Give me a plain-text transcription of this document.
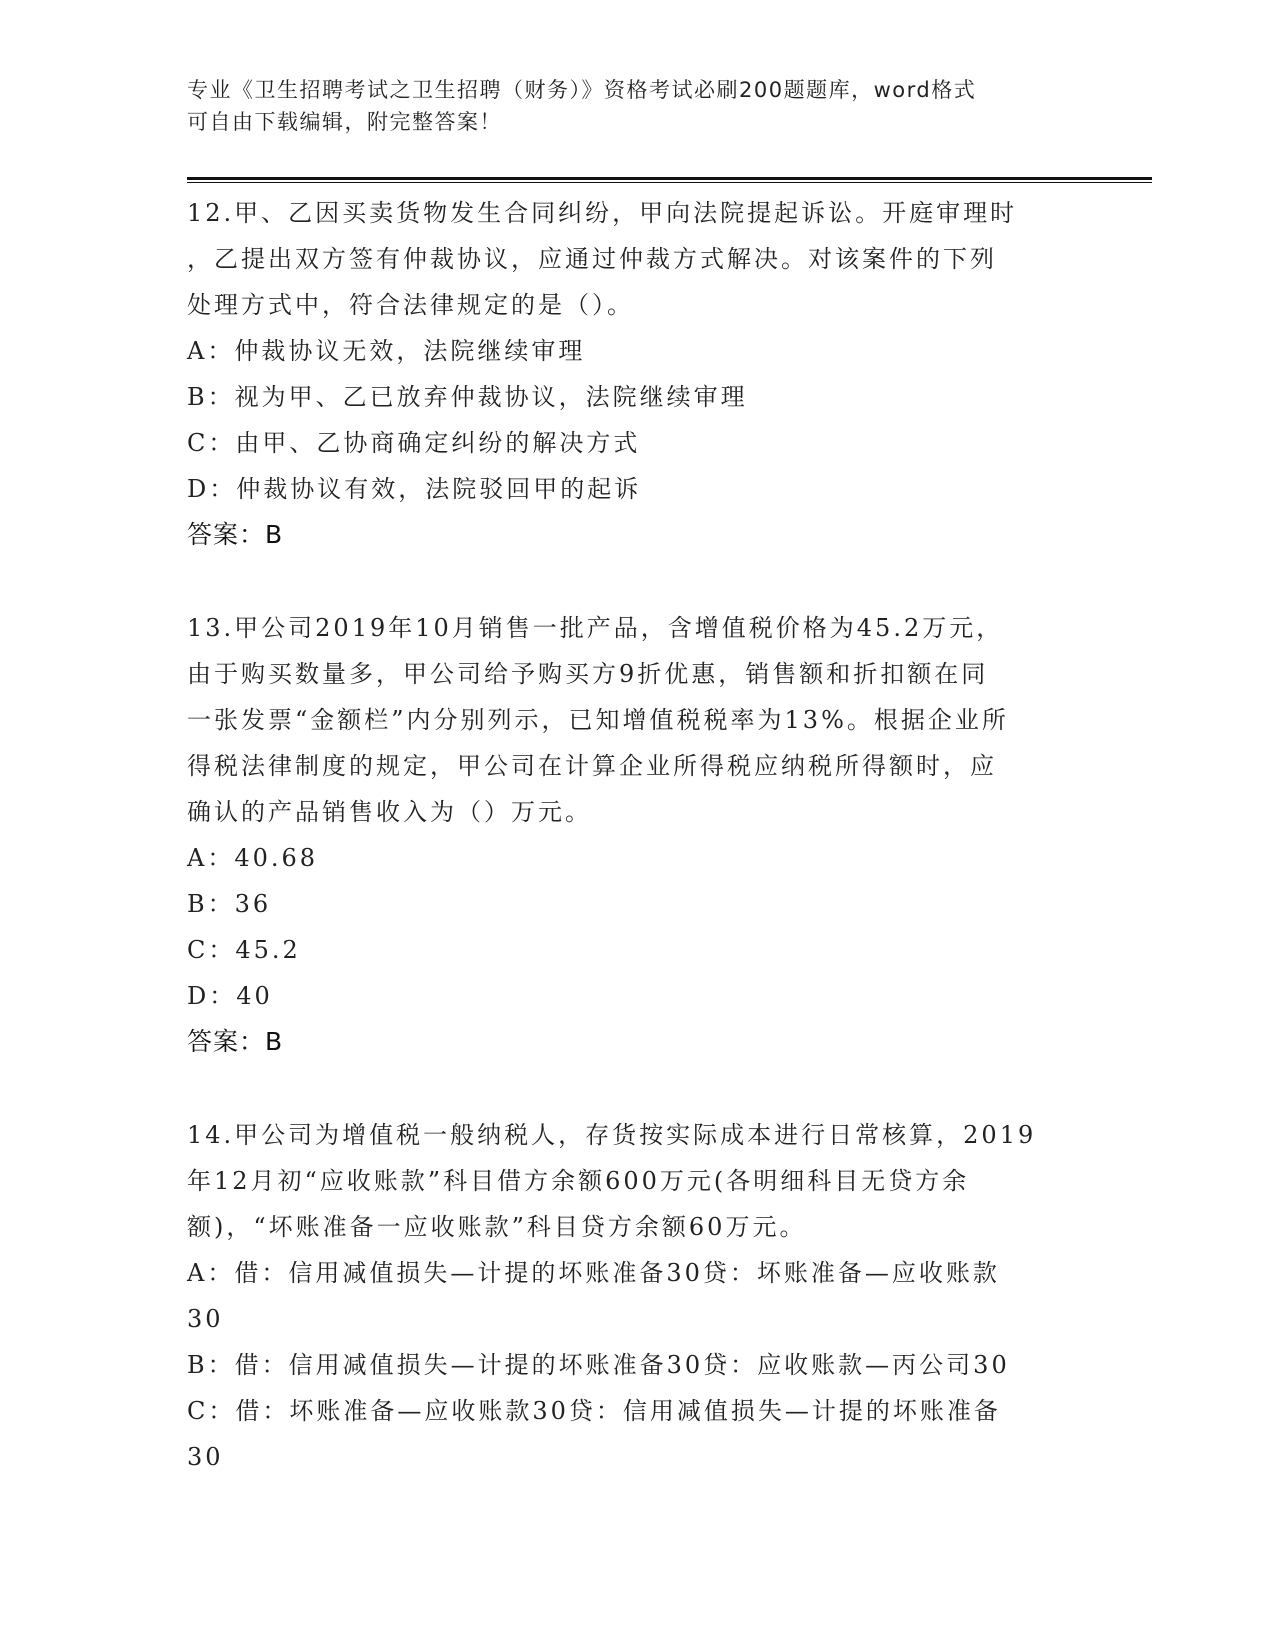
专业《卫生招聘考试之卫生招聘（财务）》资格考试必刷200题题库，word格式
可自由下载编辑，附完整答案！

12.甲、乙因买卖货物发生合同纠纷，甲向法院提起诉讼。开庭审理时

，乙提出双方签有仲裁协议，应通过仲裁方式解决。对该案件的下列

处理方式中，符合法律规定的是（）。

A：仲裁协议无效，法院继续审理

B：视为甲、乙已放弃仲裁协议，法院继续审理

C：由甲、乙协商确定纠纷的解决方式

D：仲裁协议有效，法院驳回甲的起诉

答案：B

13.甲公司2019年10月销售一批产品，含增值税价格为45.2万元，

由于购买数量多，甲公司给予购买方9折优惠，销售额和折扣额在同

一张发票“金额栏”内分别列示，已知增值税税率为13%。根据企业所

得税法律制度的规定，甲公司在计算企业所得税应纳税所得额时，应

确认的产品销售收入为（）万元。

A：40.68

B：36

C：45.2

D：40

答案：B

14.甲公司为增值税一般纳税人，存货按实际成本进行日常核算，2019

年12月初“应收账款”科目借方余额600万元(各明细科目无贷方余

额)，“坏账准备一应收账款”科目贷方余额60万元。

A：借：信用减值损失—计提的坏账准备30贷：坏账准备—应收账款

30

B：借：信用减值损失—计提的坏账准备30贷：应收账款—丙公司30

C：借：坏账准备—应收账款30贷：信用减值损失—计提的坏账准备

30
